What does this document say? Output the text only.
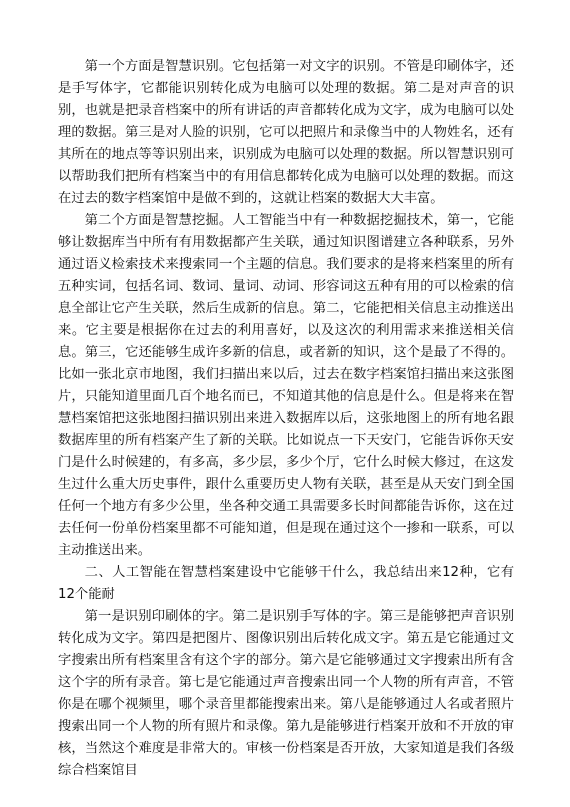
第一个方面是智慧识别。它包括第一对文字的识别。不管是印刷体字，还是手写体字，它都能识别转化成为电脑可以处理的数据。第二是对声音的识别，也就是把录音档案中的所有讲话的声音都转化成为文字，成为电脑可以处理的数据。第三是对人脸的识别，它可以把照片和录像当中的人物姓名，还有其所在的地点等等识别出来，识别成为电脑可以处理的数据。所以智慧识别可以帮助我们把所有档案当中的有用信息都转化成为电脑可以处理的数据。而这在过去的数字档案馆中是做不到的，这就让档案的数据大大丰富。

第二个方面是智慧挖掘。人工智能当中有一种数据挖掘技术，第一，它能够让数据库当中所有有用数据都产生关联，通过知识图谱建立各种联系，另外通过语义检索技术来搜索同一个主题的信息。我们要求的是将来档案里的所有五种实词，包括名词、数词、量词、动词、形容词这五种有用的可以检索的信息全部让它产生关联，然后生成新的信息。第二，它能把相关信息主动推送出来。它主要是根据你在过去的利用喜好，以及这次的利用需求来推送相关信息。第三，它还能够生成许多新的信息，或者新的知识，这个是最了不得的。比如一张北京市地图，我们扫描出来以后，过去在数字档案馆扫描出来这张图片，只能知道里面几百个地名而已，不知道其他的信息是什么。但是将来在智慧档案馆把这张地图扫描识别出来进入数据库以后，这张地图上的所有地名跟数据库里的所有档案产生了新的关联。比如说点一下天安门，它能告诉你天安门是什么时候建的，有多高，多少层，多少个厅，它什么时候大修过，在这发生过什么重大历史事件，跟什么重要历史人物有关联，甚至是从天安门到全国任何一个地方有多少公里，坐各种交通工具需要多长时间都能告诉你，这在过去任何一份单份档案里都不可能知道，但是现在通过这个一掺和一联系，可以主动推送出来。

二、人工智能在智慧档案建设中它能够干什么，我总结出来12种，它有12个能耐

第一是识别印刷体的字。第二是识别手写体的字。第三是能够把声音识别转化成为文字。第四是把图片、图像识别出后转化成文字。第五是它能通过文字搜索出所有档案里含有这个字的部分。第六是它能够通过文字搜索出所有含这个字的所有录音。第七是它能通过声音搜索出同一个人物的所有声音，不管你是在哪个视频里，哪个录音里都能搜索出来。第八是能够通过人名或者照片搜索出同一个人物的所有照片和录像。第九是能够进行档案开放和不开放的审核，当然这个难度是非常大的。审核一份档案是否开放，大家知道是我们各级综合档案馆目
